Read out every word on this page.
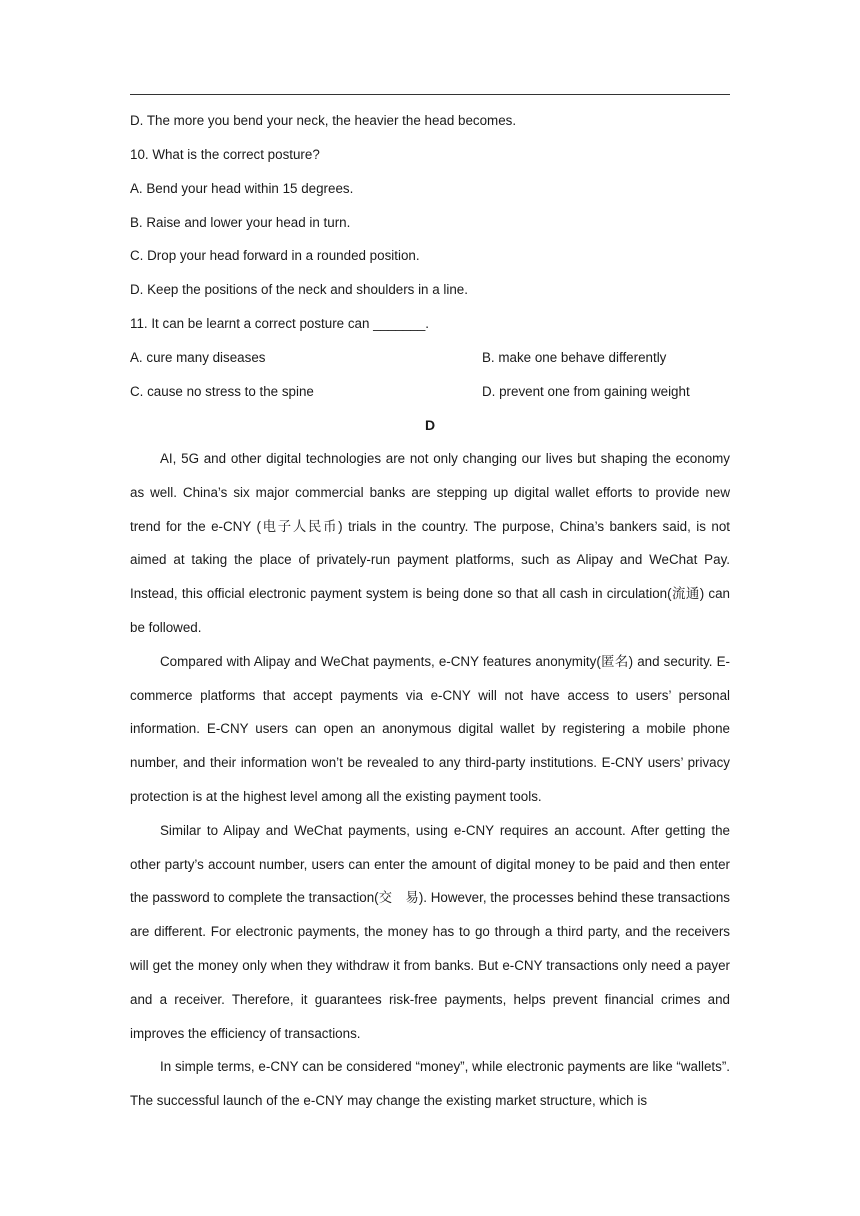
D. The more you bend your neck, the heavier the head becomes.
10. What is the correct posture?
A. Bend your head within 15 degrees.
B. Raise and lower your head in turn.
C. Drop your head forward in a rounded position.
D. Keep the positions of the neck and shoulders in a line.
11. It can be learnt a correct posture can _______.
A. cure many diseases	B. make one behave differently
C. cause no stress to the spine	D. prevent one from gaining weight
D

AI, 5G and other digital technologies are not only changing our lives but shaping the economy as well. China’s six major commercial banks are stepping up digital wallet efforts to provide new trend for the e-CNY (电子人民币) trials in the country. The purpose, China’s bankers said, is not aimed at taking the place of privately-run payment platforms, such as Alipay and WeChat Pay. Instead, this official electronic payment system is being done so that all cash in circulation(流通) can be followed.

Compared with Alipay and WeChat payments, e-CNY features anonymity(匿名) and security. E-commerce platforms that accept payments via e-CNY will not have access to users’ personal information. E-CNY users can open an anonymous digital wallet by registering a mobile phone number, and their information won’t be revealed to any third-party institutions. E-CNY users’ privacy protection is at the highest level among all the existing payment tools.

Similar to Alipay and WeChat payments, using e-CNY requires an account. After getting the other party’s account number, users can enter the amount of digital money to be paid and then enter the password to complete the transaction(交　易). However, the processes behind these transactions are different. For electronic payments, the money has to go through a third party, and the receivers will get the money only when they withdraw it from banks. But e-CNY transactions only need a payer and a receiver. Therefore, it guarantees risk-free payments, helps prevent financial crimes and improves the efficiency of transactions.

In simple terms, e-CNY can be considered “money”, while electronic payments are like “wallets”. The successful launch of the e-CNY may change the existing market structure, which is
